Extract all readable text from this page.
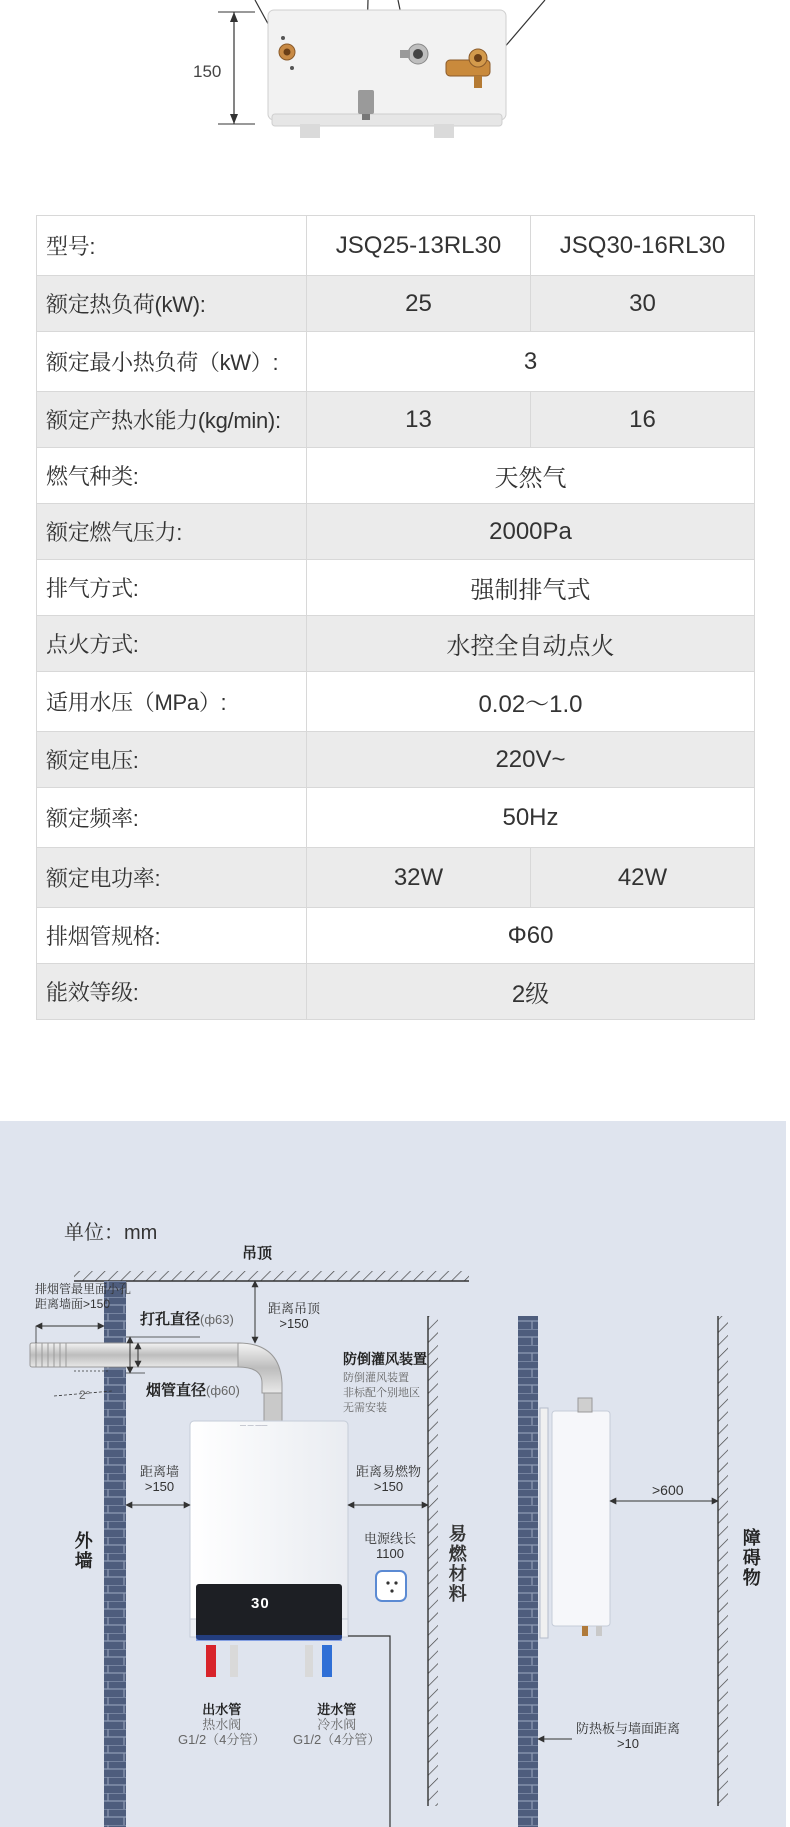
150
型号:	JSQ25-13RL30	JSQ30-16RL30
额定热负荷(kW):	25	30
额定最小热负荷（kW）:	3	
额定产热水能力(kg/min):	13	16
燃气种类:	天然气	
额定燃气压力:	2000Pa	
排气方式:	强制排气式	
点火方式:	水控全自动点火	
适用水压（MPa）:	0.02～1.0	
额定电压:	220V~	
额定频率:	50Hz	
额定电功率:	32W	42W
排烟管规格:	Φ60	
能效等级:	2级	
— — ——
单位：mm
吊顶
排烟管最里面小孔
距离墙面>150
打孔直径(ф63)
烟管直径(ф60)
2°
距离吊顶
>150
防倒灌风装置
防倒灌风装置
非标配个别地区
无需安装
距离墙
>150
距离易燃物
>150
电源线长
1100
30
外墙	易燃材料	障碍物
>600
防热板与墙面距离
>10
出水管
热水阀
G1/2（4分管）
进水管
冷水阀
G1/2（4分管）
